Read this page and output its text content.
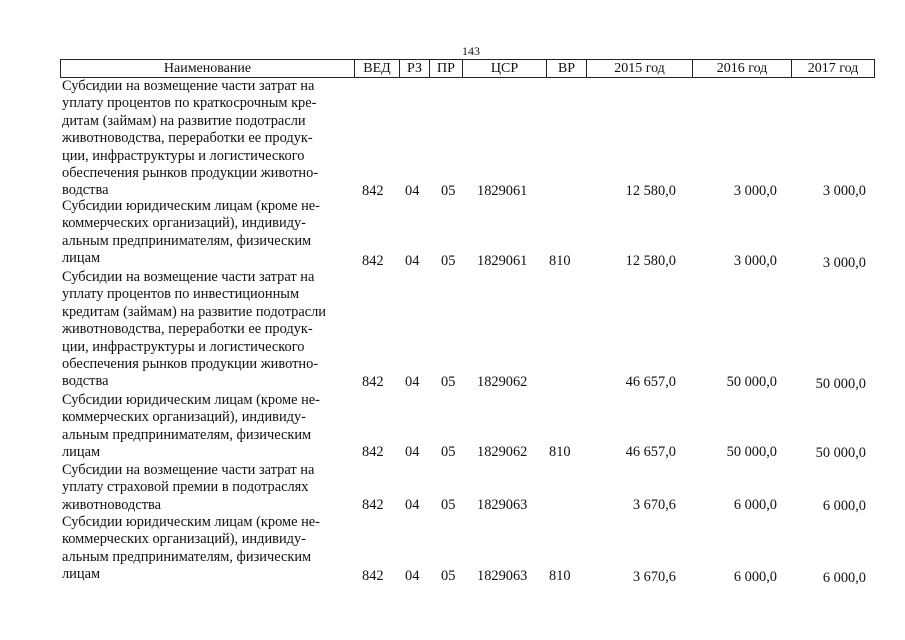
143
Наименование	ВЕД	РЗ	ПР	ЦСР	ВР	2015 год	2016 год	2017 год
Субсидии на возмещение части затрат на
уплату процентов по краткосрочным кре-
дитам (займам) на развитие подотрасли
животноводства, переработки ее продук-
ции, инфраструктуры и логистического
обеспечения рынков продукции животно-
водства	842 04 05 1829061	12 580,0	3 000,0	3 000,0
Субсидии юридическим лицам (кроме не-
коммерческих организаций), индивиду-
альным предпринимателям, физическим
лицам	842 04 05 1829061 810	12 580,0	3 000,0	3 000,0
Субсидии на возмещение части затрат на
уплату процентов по инвестиционным
кредитам (займам) на развитие подотрасли
животноводства, переработки ее продук-
ции, инфраструктуры и логистического
обеспечения рынков продукции животно-
водства	842 04 05 1829062	46 657,0	50 000,0	50 000,0
Субсидии юридическим лицам (кроме не-
коммерческих организаций), индивиду-
альным предпринимателям, физическим
лицам	842 04 05 1829062 810	46 657,0	50 000,0	50 000,0
Субсидии на возмещение части затрат на
уплату страховой премии в подотраслях
животноводства	842 04 05 1829063	3 670,6	6 000,0	6 000,0
Субсидии юридическим лицам (кроме не-
коммерческих организаций), индивиду-
альным предпринимателям, физическим
лицам	842 04 05 1829063 810	3 670,6	6 000,0	6 000,0
